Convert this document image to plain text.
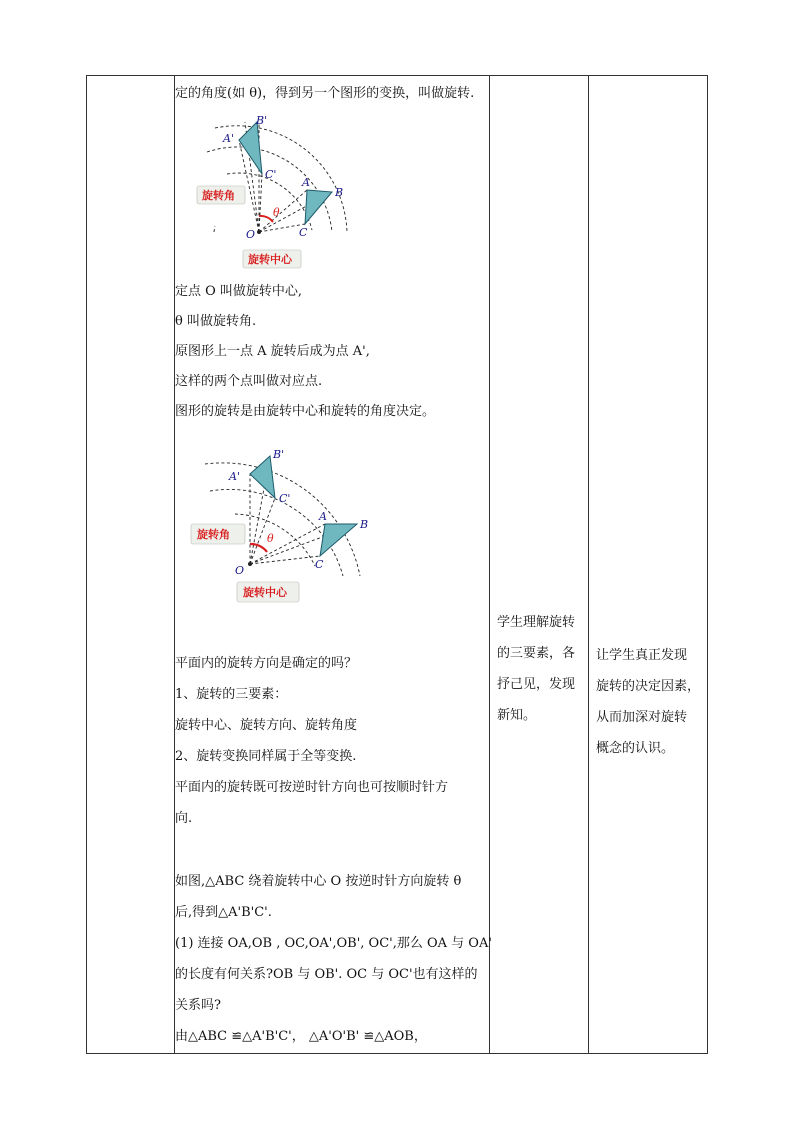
定的角度(如 θ)，得到另一个图形的变换，叫做旋转.
B'
A'
C'
A
B
C
O
θ
旋转角
旋转中心
定点 O 叫做旋转中心,
θ 叫做旋转角.
原图形上一点 A 旋转后成为点 A',
这样的两个点叫做对应点.
图形的旋转是由旋转中心和旋转的角度决定。
B'
A'
C'
A
B
C
O
θ
旋转角
旋转中心
平面内的旋转方向是确定的吗？
1、旋转的三要素：
旋转中心、旋转方向、旋转角度
2、旋转变换同样属于全等变换.
平面内的旋转既可按逆时针方向也可按顺时针方
向.
如图,△ABC 绕着旋转中心 O 按逆时针方向旋转 θ
后,得到△A'B'C'.
(1) 连接 OA,OB , OC,OA',OB', OC',那么 OA 与 OA'
的长度有何关系?OB 与 OB'. OC 与 OC'也有这样的
关系吗?
由△ABC ≌△A'B'C'， △A'O'B' ≌△AOB，
学生理解旋转
的三要素，各
抒己见，发现
新知。
让学生真正发现
旋转的决定因素，
从而加深对旋转
概念的认识。
